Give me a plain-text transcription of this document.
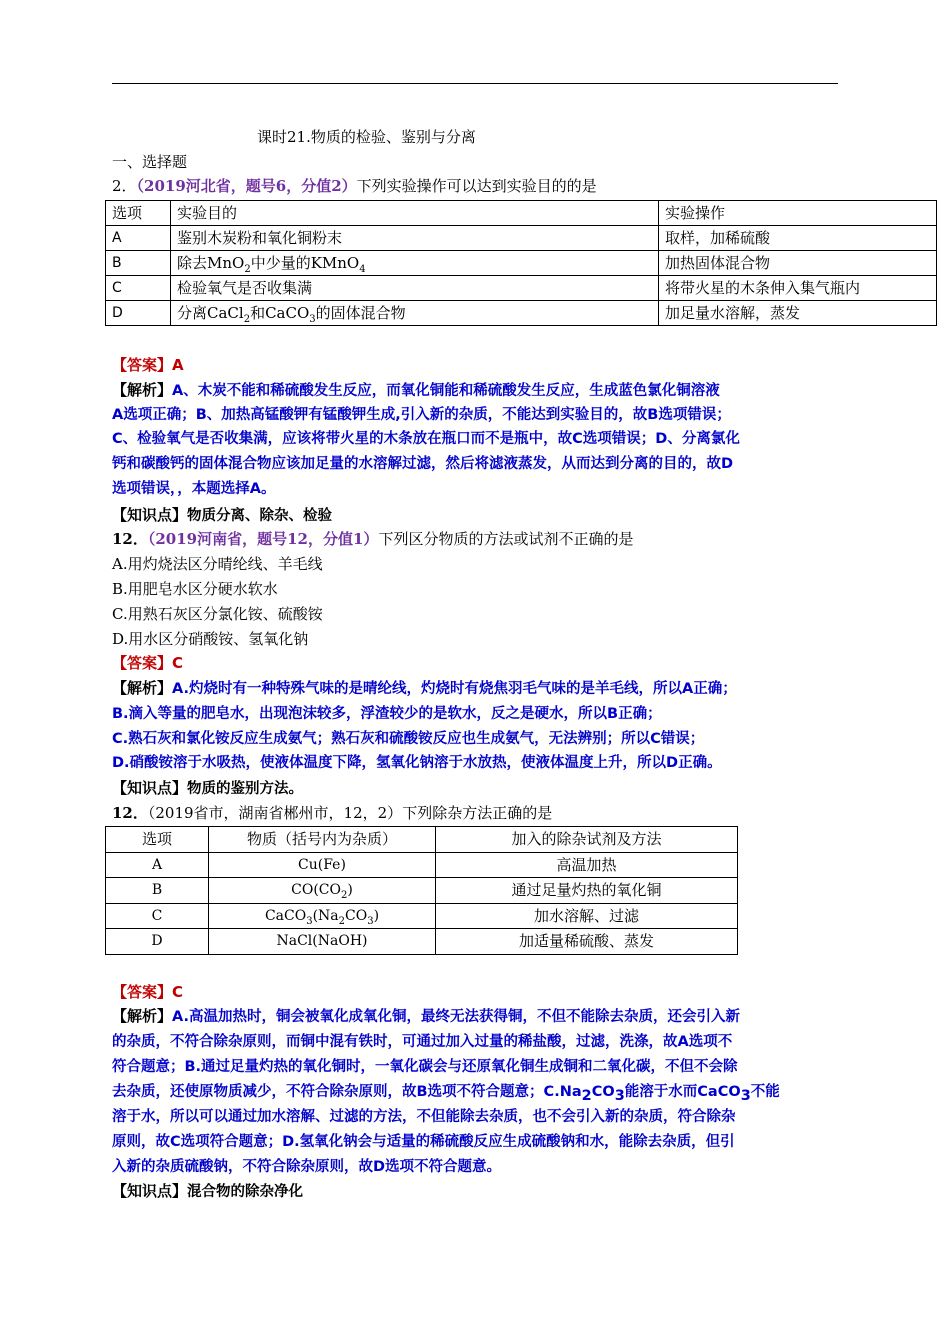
课时21.物质的检验、鉴别与分离
一、选择题
2．（2019河北省，题号6，分值2）下列实验操作可以达到实验目的的是
选项	实验目的	实验操作
A	鉴别木炭粉和氧化铜粉末	取样，加稀硫酸
B	除去MnO$_2$中少量的KMnO$_4$	加热固体混合物
C	检验氧气是否收集满	将带火星的木条伸入集气瓶内
D	分离CaCl$_2$和CaCO$_3$的固体混合物	加足量水溶解，蒸发
【答案】A
【解析】A、木炭不能和稀硫酸发生反应，而氧化铜能和稀硫酸发生反应，生成蓝色氯化铜溶液
A选项正确；B、加热高锰酸钾有锰酸钾生成,引入新的杂质，不能达到实验目的，故B选项错误；
C、检验氧气是否收集满，应该将带火星的木条放在瓶口而不是瓶中，故C选项错误；D、分离氯化
钙和碳酸钙的固体混合物应该加足量的水溶解过滤，然后将滤液蒸发，从而达到分离的目的，故D
选项错误，，本题选择A。
【知识点】物质分离、除杂、检验
12．（2019河南省，题号12，分值1）下列区分物质的方法或试剂不正确的是
A.用灼烧法区分晴纶线、羊毛线
B.用肥皂水区分硬水软水
C.用熟石灰区分氯化铵、硫酸铵
D.用水区分硝酸铵、氢氧化钠
【答案】C
【解析】A.灼烧时有一种特殊气味的是晴纶线，灼烧时有烧焦羽毛气味的是羊毛线，所以A正确；
B.滴入等量的肥皂水，出现泡沫较多，浮渣较少的是软水，反之是硬水，所以B正确；
C.熟石灰和氯化铵反应生成氨气；熟石灰和硫酸铵反应也生成氨气，无法辨别；所以C错误；
D.硝酸铵溶于水吸热，使液体温度下降，氢氧化钠溶于水放热，使液体温度上升，所以D正确。
【知识点】物质的鉴别方法。
12．（2019省市，湖南省郴州市，12，2）下列除杂方法正确的是
选项	物质（括号内为杂质）	加入的除杂试剂及方法
A	Cu(Fe)	高温加热
B	$CO(CO_2)$	通过足量灼热的氧化铜
C	$CaCO_3(Na_2CO_3)$	加水溶解、过滤
D	NaCl(NaOH)	加适量稀硫酸、蒸发
【答案】C
【解析】A.高温加热时，铜会被氧化成氧化铜，最终无法获得铜，不但不能除去杂质，还会引入新
的杂质，不符合除杂原则，而铜中混有铁时，可通过加入过量的稀盐酸，过滤，洗涤，故A选项不
符合题意；B.通过足量灼热的氧化铜时，一氧化碳会与还原氧化铜生成铜和二氧化碳，不但不会除
去杂质，还使原物质减少，不符合除杂原则，故B选项不符合题意；$C.Na_2CO_3$能溶于水而CaCO$_3$不能
溶于水，所以可以通过加水溶解、过滤的方法，不但能除去杂质，也不会引入新的杂质，符合除杂
原则，故C选项符合题意；D.氢氧化钠会与适量的稀硫酸反应生成硫酸钠和水，能除去杂质，但引
入新的杂质硫酸钠，不符合除杂原则，故D选项不符合题意。
【知识点】混合物的除杂净化
